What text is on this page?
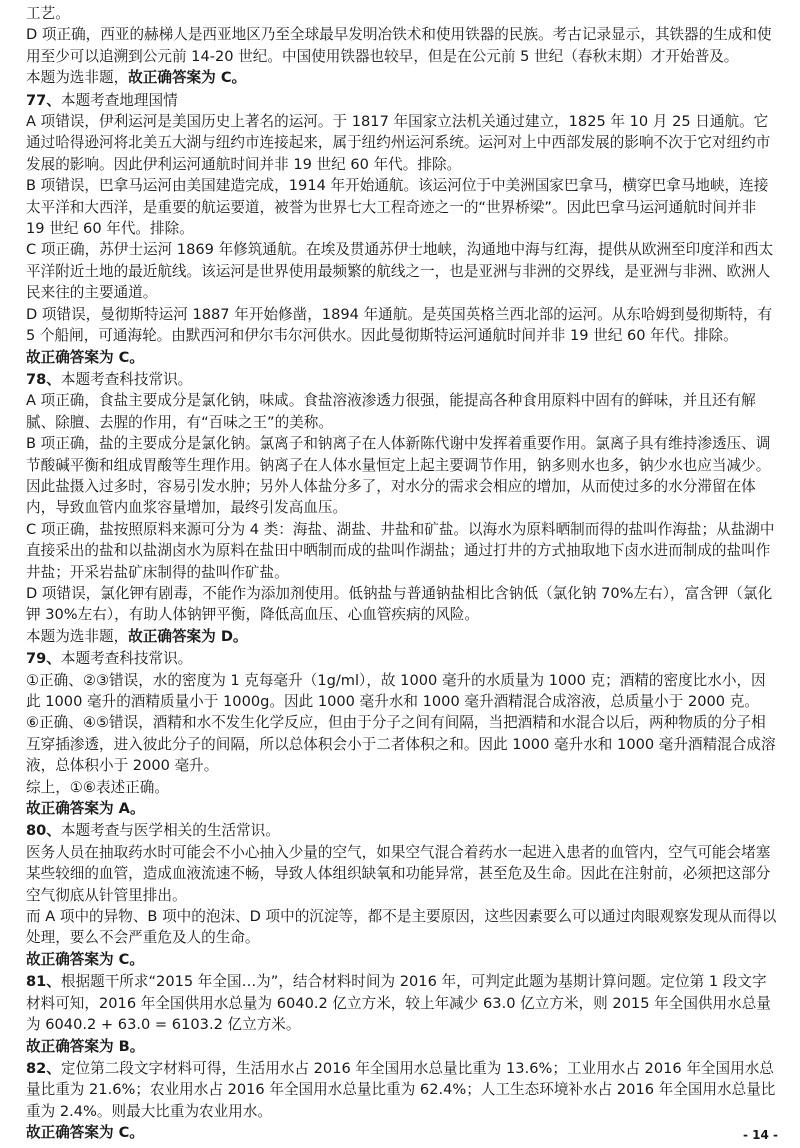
工艺。

D 项正确，西亚的赫梯人是西亚地区乃至全球最早发明冶铁术和使用铁器的民族。考古记录显示，其铁器的生成和使用至少可以追溯到公元前 14-20 世纪。中国使用铁器也较早，但是在公元前 5 世纪（春秋末期）才开始普及。

本题为选非题，故正确答案为 C。

77、本题考查地理国情

A 项错误，伊利运河是美国历史上著名的运河。于 1817 年国家立法机关通过建立，1825 年 10 月 25 日通航。它通过哈得逊河将北美五大湖与纽约市连接起来，属于纽约州运河系统。运河对上中西部发展的影响不次于它对纽约市发展的影响。因此伊利运河通航时间并非 19 世纪 60 年代。排除。

B 项错误，巴拿马运河由美国建造完成，1914 年开始通航。该运河位于中美洲国家巴拿马，横穿巴拿马地峡，连接太平洋和大西洋，是重要的航运要道，被誉为世界七大工程奇迹之一的“世界桥梁”。因此巴拿马运河通航时间并非 19 世纪 60 年代。排除。

C 项正确，苏伊士运河 1869 年修筑通航。在埃及贯通苏伊士地峡，沟通地中海与红海，提供从欧洲至印度洋和西太平洋附近土地的最近航线。该运河是世界使用最频繁的航线之一，也是亚洲与非洲的交界线，是亚洲与非洲、欧洲人民来往的主要通道。

D 项错误，曼彻斯特运河 1887 年开始修凿，1894 年通航。是英国英格兰西北部的运河。从东哈姆到曼彻斯特，有 5 个船闸，可通海轮。由默西河和伊尔韦尔河供水。因此曼彻斯特运河通航时间并非 19 世纪 60 年代。排除。

故正确答案为 C。

78、本题考查科技常识。

A 项正确，食盐主要成分是氯化钠，味咸。食盐溶液渗透力很强，能提高各种食用原料中固有的鲜味，并且还有解腻、除膻、去腥的作用，有“百味之王”的美称。

B 项正确，盐的主要成分是氯化钠。氯离子和钠离子在人体新陈代谢中发挥着重要作用。氯离子具有维持渗透压、调节酸碱平衡和组成胃酸等生理作用。钠离子在人体水量恒定上起主要调节作用，钠多则水也多，钠少水也应当减少。因此盐摄入过多时，容易引发水肿；另外人体盐分多了，对水分的需求会相应的增加，从而使过多的水分滞留在体内，导致血管内血浆容量增加，最终引发高血压。

C 项正确，盐按照原料来源可分为 4 类：海盐、湖盐、井盐和矿盐。以海水为原料晒制而得的盐叫作海盐；从盐湖中直接采出的盐和以盐湖卤水为原料在盐田中晒制而成的盐叫作湖盐；通过打井的方式抽取地下卤水进而制成的盐叫作井盐；开采岩盐矿床制得的盐叫作矿盐。

D 项错误，氯化钾有剧毒，不能作为添加剂使用。低钠盐与普通钠盐相比含钠低（氯化钠 70%左右），富含钾（氯化钾 30%左右），有助人体钠钾平衡，降低高血压、心血管疾病的风险。

本题为选非题，故正确答案为 D。

79、本题考查科技常识。

①正确、②③错误，水的密度为 1 克每毫升（1g/ml），故 1000 毫升的水质量为 1000 克；酒精的密度比水小，因此 1000 毫升的酒精质量小于 1000g。因此 1000 毫升水和 1000 毫升酒精混合成溶液，总质量小于 2000 克。

⑥正确、④⑤错误，酒精和水不发生化学反应，但由于分子之间有间隔，当把酒精和水混合以后，两种物质的分子相互穿插渗透，进入彼此分子的间隔，所以总体积会小于二者体积之和。因此 1000 毫升水和 1000 毫升酒精混合成溶液，总体积小于 2000 毫升。

综上，①⑥表述正确。

故正确答案为 A。

80、本题考查与医学相关的生活常识。

医务人员在抽取药水时可能会不小心抽入少量的空气，如果空气混合着药水一起进入患者的血管内，空气可能会堵塞某些较细的血管，造成血液流速不畅，导致人体组织缺氧和功能异常，甚至危及生命。因此在注射前，必须把这部分空气彻底从针管里排出。

而 A 项中的异物、B 项中的泡沫、D 项中的沉淀等，都不是主要原因，这些因素要么可以通过肉眼观察发现从而得以处理，要么不会严重危及人的生命。

故正确答案为 C。

81、根据题干所求“2015 年全国…为”，结合材料时间为 2016 年，可判定此题为基期计算问题。定位第 1 段文字材料可知，2016 年全国供用水总量为 6040.2 亿立方米，较上年减少 63.0 亿立方米，则 2015 年全国供用水总量为 6040.2 + 63.0 = 6103.2 亿立方米。

故正确答案为 B。

82、定位第二段文字材料可得，生活用水占 2016 年全国用水总量比重为 13.6%；工业用水占 2016 年全国用水总量比重为 21.6%；农业用水占 2016 年全国用水总量比重为 62.4%；人工生态环境补水占 2016 年全国用水总量比重为 2.4%。则最大比重为农业用水。

故正确答案为 C。	- 14 -
